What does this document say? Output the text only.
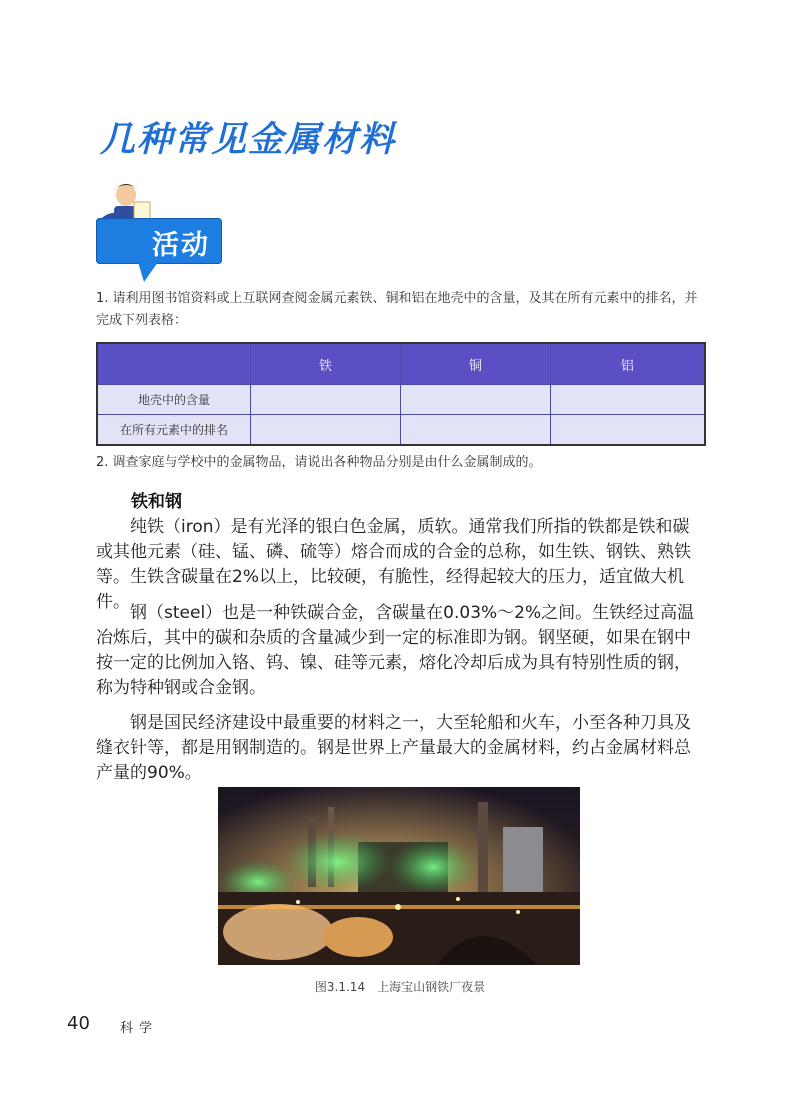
几种常见金属材料
活动
1. 请利用图书馆资料或上互联网查阅金属元素铁、铜和铝在地壳中的含量，及其在所有元素中的排名，并完成下列表格：
	铁	铜	铝
地壳中的含量			
在所有元素中的排名			
2. 调查家庭与学校中的金属物品，请说出各种物品分别是由什么金属制成的。
铁和钢

纯铁（iron）是有光泽的银白色金属，质软。通常我们所指的铁都是铁和碳或其他元素（硅、锰、磷、硫等）熔合而成的合金的总称，如生铁、钢铁、熟铁等。生铁含碳量在2%以上，比较硬，有脆性，经得起较大的压力，适宜做大机件。

钢（steel）也是一种铁碳合金，含碳量在0.03%～2%之间。生铁经过高温冶炼后，其中的碳和杂质的含量减少到一定的标准即为钢。钢坚硬，如果在钢中按一定的比例加入铬、钨、镍、硅等元素，熔化冷却后成为具有特别性质的钢，称为特种钢或合金钢。

钢是国民经济建设中最重要的材料之一，大至轮船和火车，小至各种刀具及缝衣针等，都是用钢制造的。钢是世界上产量最大的金属材料，约占金属材料总产量的90%。

图3.1.14　上海宝山钢铁厂夜景
40 科学
